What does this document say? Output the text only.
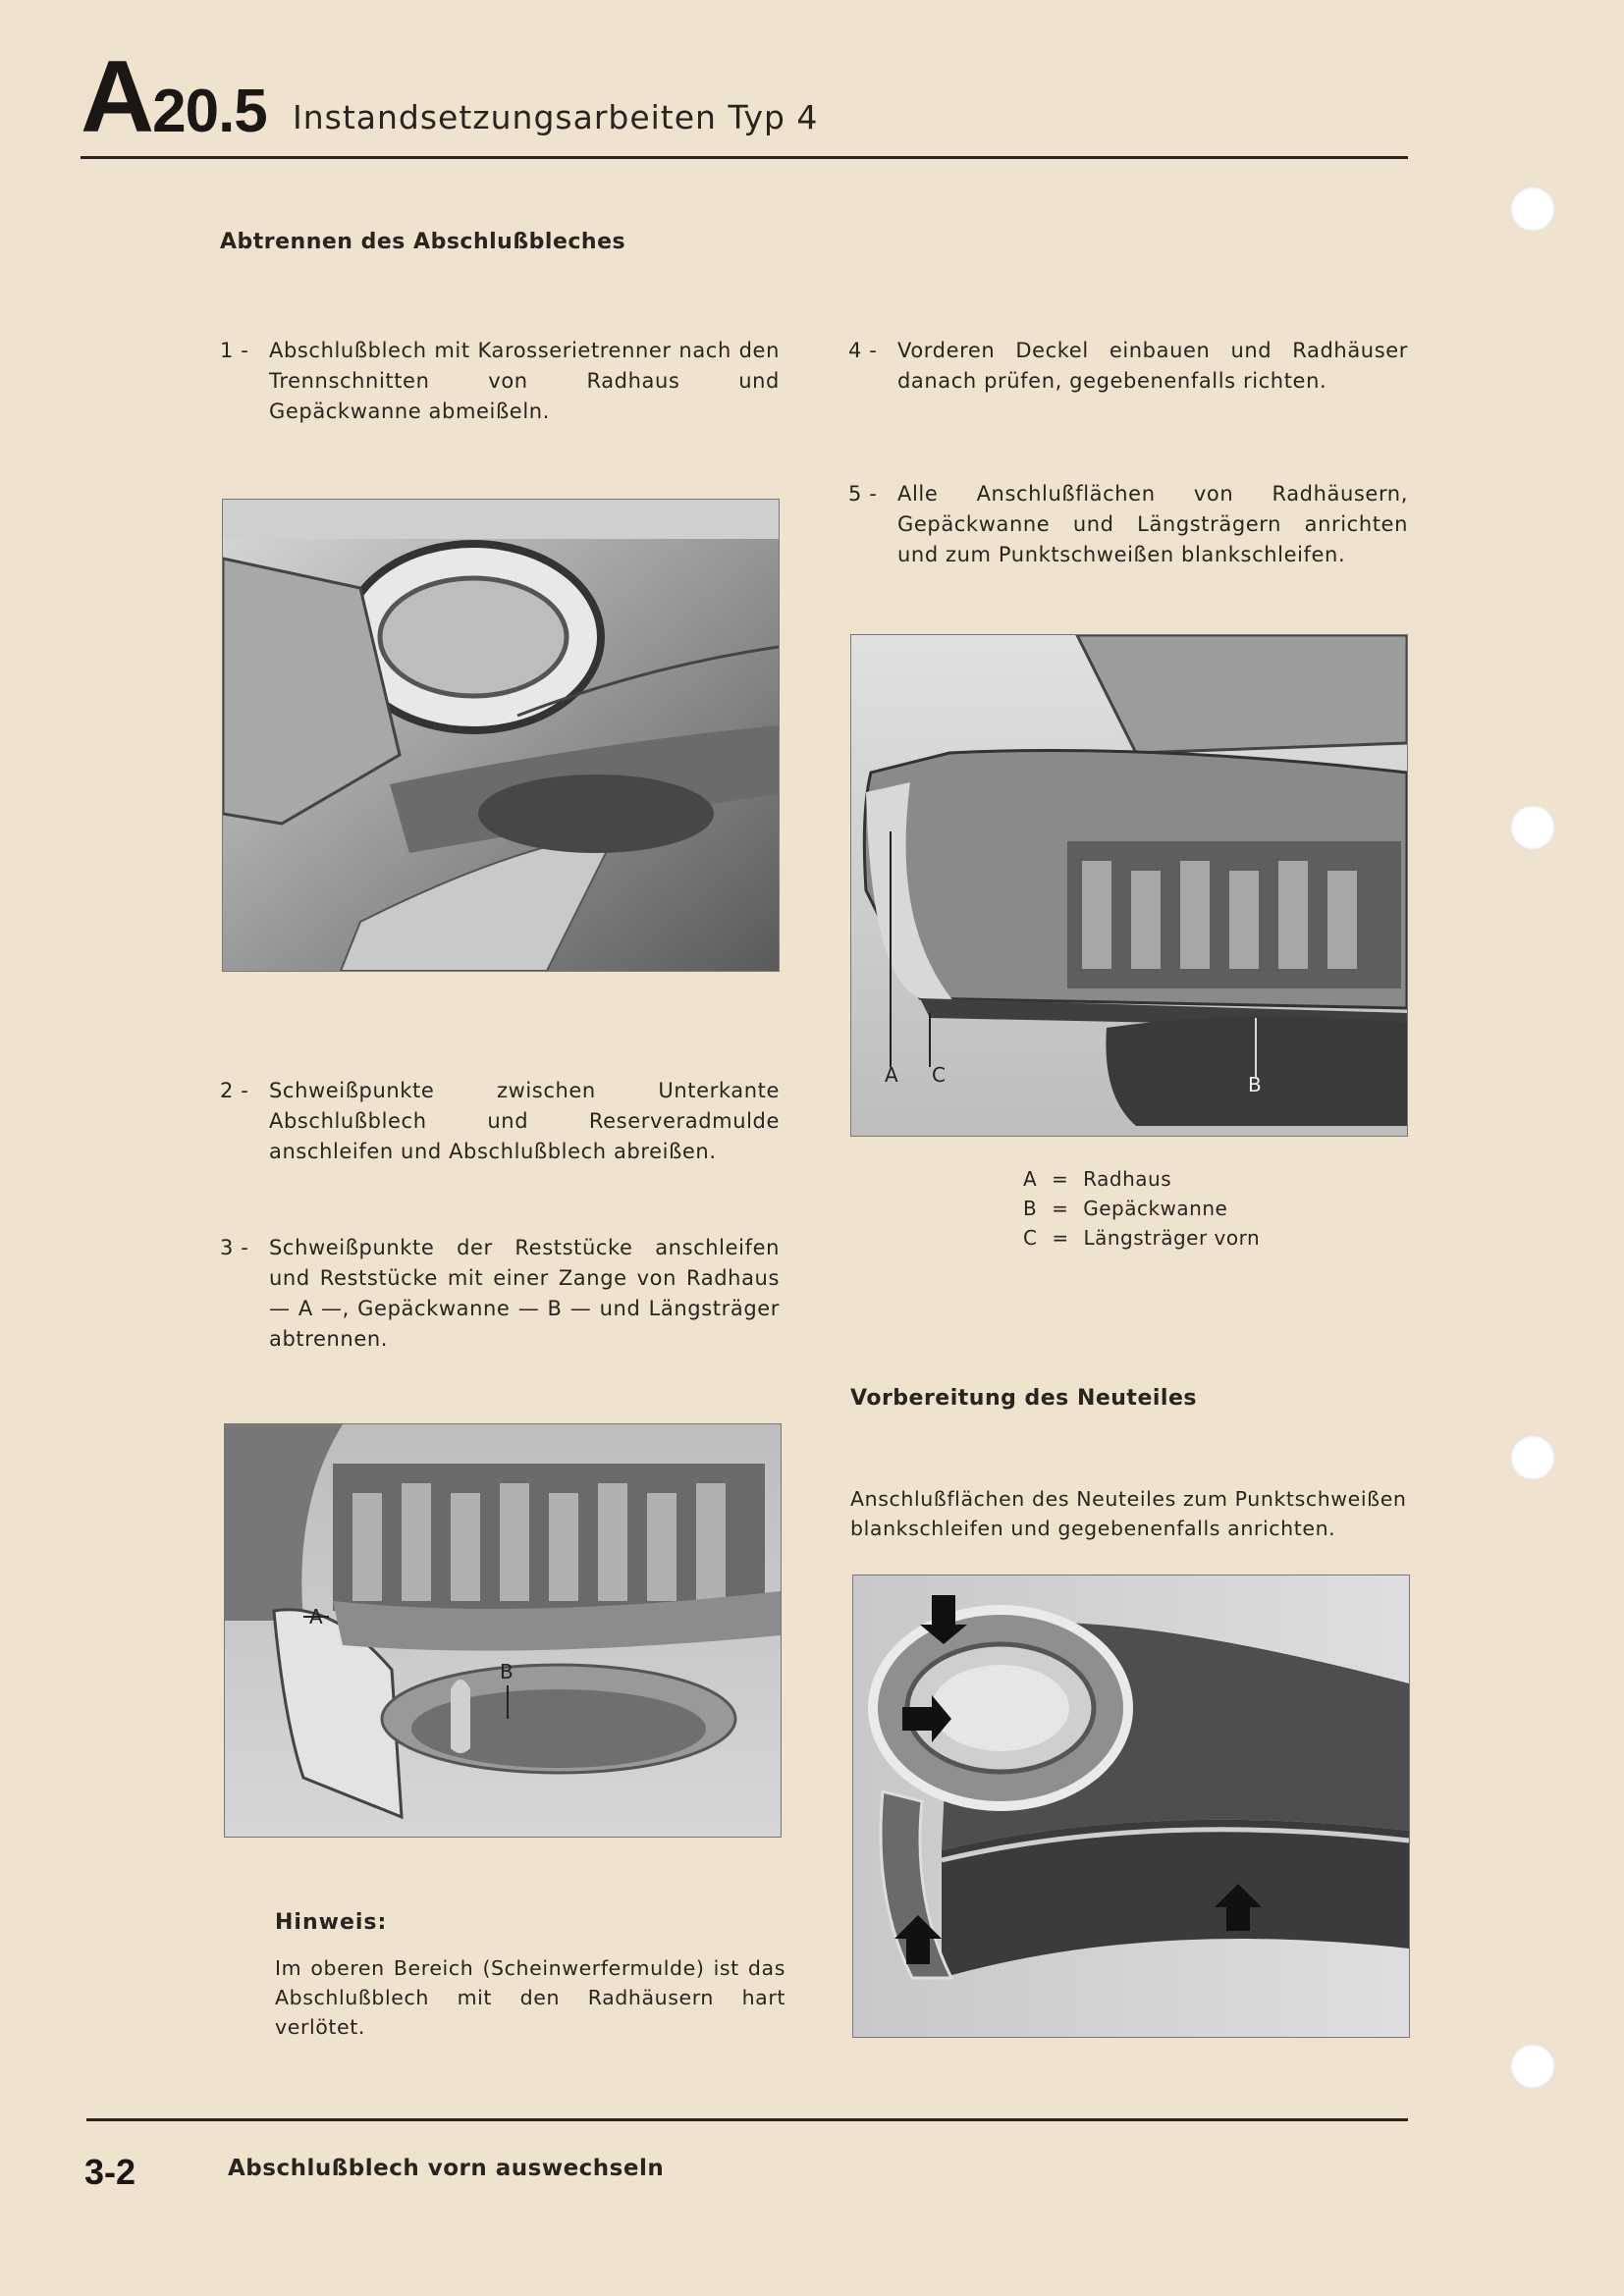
A20.5 Instandsetzungsarbeiten Typ 4
Abtrennen des Abschlußbleches
1 - Abschlußblech mit Karosserietrenner nach den Trennschnitten von Radhaus und Gepäckwanne abmeißeln.
4 - Vorderen Deckel einbauen und Radhäuser danach prüfen, gegebenenfalls richten.
5 - Alle Anschlußflächen von Radhäusern, Gepäckwanne und Längsträgern anrichten und zum Punktschweißen blankschleifen.
A C	B
2 - Schweißpunkte zwischen Unterkante Abschlußblech und Reserveradmulde anschleifen und Abschlußblech abreißen.
A = Radhaus
B = Gepäckwanne
C = Längsträger vorn
3 - Schweißpunkte der Reststücke anschleifen und Reststücke mit einer Zange von Radhaus — A —, Gepäckwanne — B — und Längsträger abtrennen.
Vorbereitung des Neuteiles
A
B
Anschlußflächen des Neuteiles zum Punktschweißen blankschleifen und gegebenenfalls anrichten.
Hinweis:
Im oberen Bereich (Scheinwerfermulde) ist das Abschlußblech mit den Radhäusern hart verlötet.
3-2	Abschlußblech vorn auswechseln
